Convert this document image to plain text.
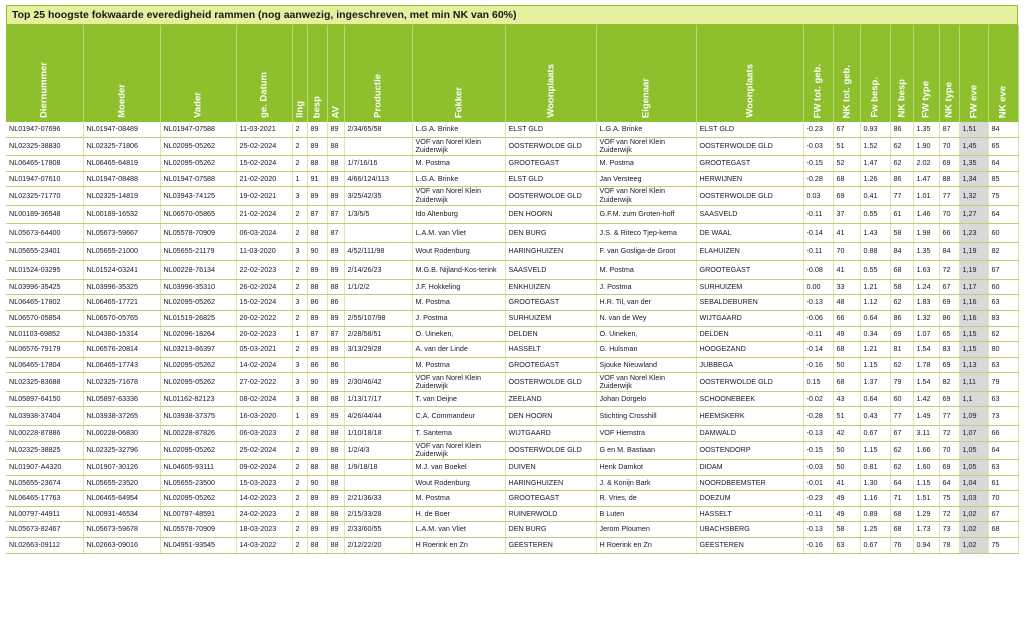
Top 25 hoogste fokwaarde everedigheid rammen (nog aanwezig, ingeschreven, met min NK van 60%)
Diernummer	Moeder	Vader	ge. Datum	Iing	besp	AV	Productie	Fokker	Woonplaats	Eigenaar	Woonplaats	FW tot. geb.	NK tot. geb.	Fw besp.	NK besp	FW type	NK type	FW eve	NK eve

NL01947-07696	NL01947-08489	NL01947-07588	11-03-2021	2	89	89	2/34/65/58	L.G.A. Brinke	ELST GLD	L.G.A. Brinke	ELST GLD	-0.23	67	0.93	86	1.35	87	1,51	84
NL02325-38830	NL02325-71806	NL02095-05262	25-02-2024	2	89	88		VOF van Norel Klein Zuiderwijk	OOSTERWOLDE GLD	VOF van Norel Klein Zuiderwijk	OOSTERWOLDE GLD	-0.03	51	1.52	62	1.90	70	1,45	65
NL06465-17808	NL06465-64819	NL02095-05262	15-02-2024	2	88	88	1/7/16/16	M. Postma	GROOTEGAST	M. Postma	GROOTEGAST	-0.15	52	1.47	62	2.02	69	1,35	64
NL01947-07610	NL01947-08488	NL01947-07588	21-02-2020	1	91	89	4/66/124/113	L.G.A. Brinke	ELST GLD	Jan Versteeg	HERWIJNEN	-0.28	68	1.26	86	1.47	88	1,34	85
NL02325-71770	NL02325-14819	NL03943-74125	19-02-2021	3	89	89	3/25/42/35	VOF van Norel Klein Zuiderwijk	OOSTERWOLDE GLD	VOF van Norel Klein Zuiderwijk	OOSTERWOLDE GLD	0.03	69	0.41	77	1.01	77	1,32	75
NL00189-36548	NL00189-16532	NL06570-05865	21-02-2024	2	87	87	1/3/5/5	Ido Altenburg	DEN HOORN	G.F.M. zum Groten-hoff	SAASVELD	-0.11	37	0.55	61	1.46	70	1,27	64
NL05673-64400	NL05673-59667	NL05578-70909	06-03-2024	2	88	87		L.A.M. van Vliet	DEN BURG	J.S. & Riteco Tjep-kema	DE WAAL	-0.14	41	1.43	58	1.98	66	1,23	60
NL05655-23401	NL05655-21000	NL05655-21179	11-03-2020	3	90	89	4/52/111/98	Wout Rodenburg	HARINGHUIZEN	F. van Gosliga-de Groot	ELAHUIZEN	-0.11	70	0.88	84	1.35	84	1,19	82
NL01524-03295	NL01524-03241	NL00228-76134	22-02-2023	2	89	89	2/14/26/23	M.G.B. Nijland-Kos-terink	SAASVELD	M. Postma	GROOTEGAST	-0.08	41	0.55	68	1.63	72	1,19	67
NL03996-35425	NL03996-35325	NL03996-35310	26-02-2024	2	88	88	1/1/2/2	J.F. Hokkeling	ENKHUIZEN	J. Postma	SURHUIZEM	0.00	33	1.21	58	1.24	67	1,17	60
NL06465-17802	NL06465-17721	NL02095-05262	15-02-2024	3	86	86		M. Postma	GROOTEGAST	H.R. Til, van der	SEBALDEBUREN	-0.13	48	1.12	62	1.83	69	1,16	63
NL06570-05854	NL06570-05765	NL01519-26825	20-02-2022	2	89	89	2/55/107/98	J. Postma	SURHUIZEM	N. van de Wey	WIJTGAARD	-0.06	66	0.64	86	1.32	86	1,16	83
NL01103-69852	NL04380-15314	NL02096-18264	20-02-2023	1	87	87	2/28/58/51	O. Uineken,	DELDEN	O. Uineken,	DELDEN	-0.11	49	0.34	69	1.07	65	1,15	62
NL06576-79179	NL06576-20814	NL03213-86397	05-03-2021	2	89	89	3/13/29/28	A. van der Linde	HASSELT	G. Hulsman	HOOGEZAND	-0.14	68	1.21	81	1.54	83	1,15	80
NL06465-17804	NL06465-17743	NL02095-05262	14-02-2024	3	86	86		M. Postma	GROOTEGAST	Sjouke Nieuwland	JUBBEGA	-0.16	50	1.15	62	1.78	69	1,13	63
NL02325-83688	NL02325-71678	NL02095-05262	27-02-2022	3	90	89	2/30/46/42	VOF van Norel Klein Zuiderwijk	OOSTERWOLDE GLD	VOF van Norel Klein Zuiderwijk	OOSTERWOLDE GLD	0.15	68	1.37	79	1.54	82	1,11	79
NL05897-64150	NL05897-63336	NL01162-82123	08-02-2024	3	88	88	1/13/17/17	T. van Deijne	ZEELAND	Johan Dorgelo	SCHOONEBEEK	-0.02	43	0.64	60	1.42	69	1,1	63
NL03938-37404	NL03938-37265	NL03938-37375	16-03-2020	1	89	89	4/26/44/44	C.A. Commandeur	DEN HOORN	Stichting Crosshill	HEEMSKERK	-0.28	51	0.43	77	1.49	77	1,09	73
NL00228-87886	NL00228-06830	NL00228-87826	06-03-2023	2	88	88	1/10/18/18	T. Santema	WIJTGAARD	VOF Hiemstra	DAMWALD	-0.13	42	0.67	67	3.11	72	1,07	66
NL02325-38825	NL02325-32796	NL02095-05262	25-02-2024	2	89	88	1/2/4/3	VOF van Norel Klein Zuiderwijk	OOSTERWOLDE GLD	G en M. Bastiaan	OOSTENDORP	-0.15	50	1.15	62	1.66	70	1,05	64
NL01907-A4320	NL01907-30126	NL04605-93111	09-02-2024	2	88	88	1/9/18/18	M.J. van Boekel	DUIVEN	Henk Damkot	DIDAM	-0.03	50	0.81	62	1.60	69	1,05	63
NL05655-23674	NL05655-23520	NL05655-23500	15-03-2023	2	90	88		Wout Rodenburg	HARINGHUIZEN	J. & Konijn Bark	NOORDBEEMSTER	-0.01	41	1.30	64	1.15	64	1,04	61
NL06465-17763	NL06465-64954	NL02095-05262	14-02-2023	2	89	89	2/21/36/33	M. Postma	GROOTEGAST	R. Vries, de	DOEZUM	-0.23	49	1.16	71	1.51	75	1,03	70
NL00797-44911	NL00931-46534	NL00797-48591	24-02-2023	2	88	88	2/15/33/28	H. de Boer	RUINERWOLD	B Luten	HASSELT	-0.11	49	0.89	68	1.29	72	1,02	67
NL05673-82467	NL05673-59678	NL05578-70909	18-03-2023	2	89	89	2/33/60/55	L.A.M. van Vliet	DEN BURG	Jerom Ploumen	UBACHSBERG	-0.13	58	1.25	68	1.73	73	1,02	68
NL02663-09112	NL02663-09016	NL04951-93545	14-03-2022	2	88	88	2/12/22/20	H Roerink en Zn	GEESTEREN	H Roerink en Zn	GEESTEREN	-0.16	63	0.67	76	0.94	78	1,02	75
